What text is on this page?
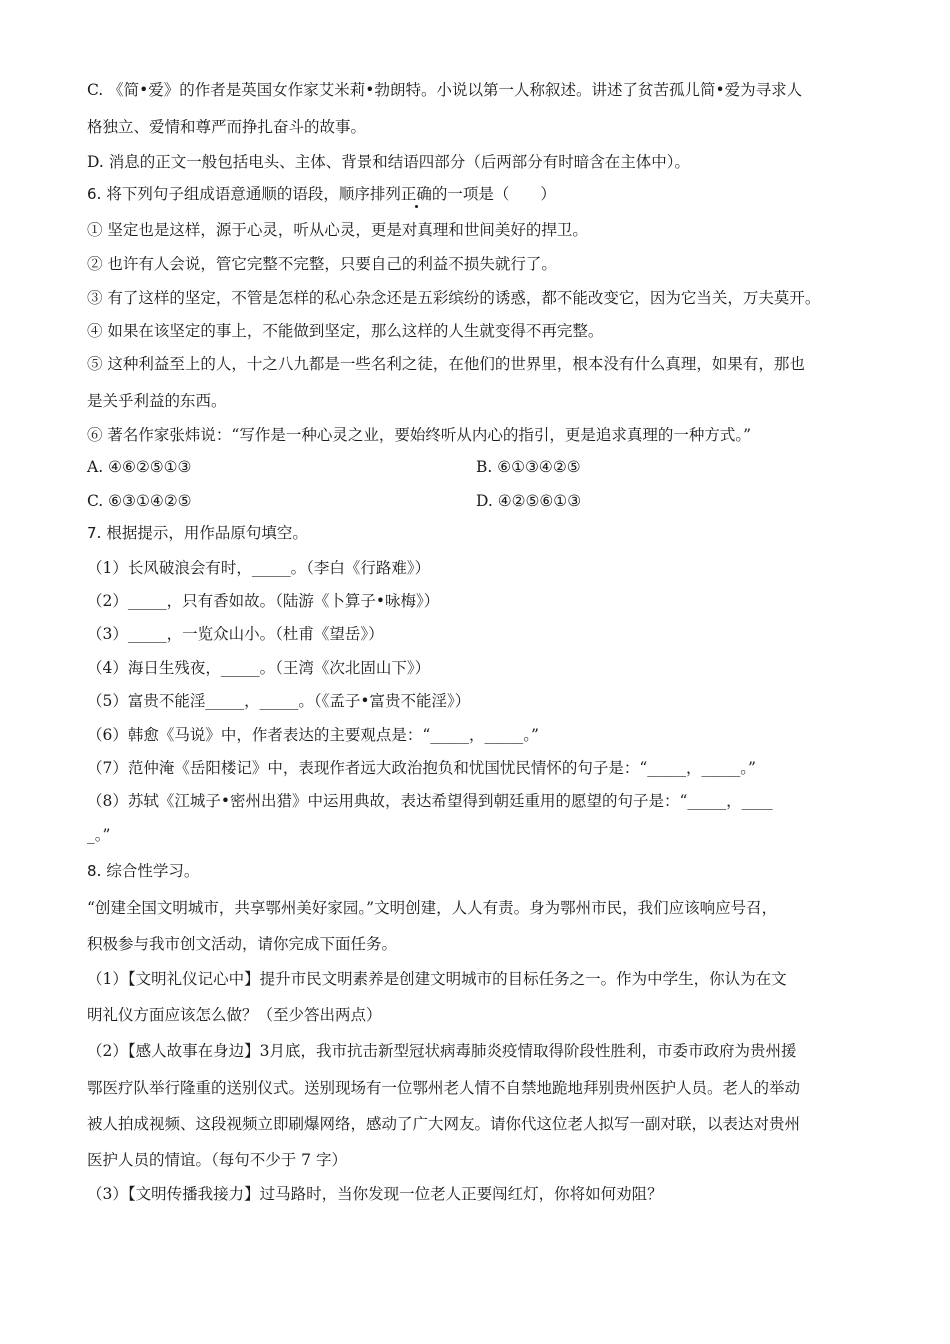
C. 《简•爱》的作者是英国女作家艾米莉•勃朗特。小说以第一人称叙述。讲述了贫苦孤儿简•爱为寻求人
格独立、爱情和尊严而挣扎奋斗的故事。
D. 消息的正文一般包括电头、主体、背景和结语四部分（后两部分有时暗含在主体中）。
6. 将下列句子组成语意通顺的语段，顺序排列正确的一项是（　　）
① 坚定也是这样，源于心灵，听从心灵，更是对真理和世间美好的捍卫。
② 也许有人会说，管它完整不完整，只要自己的利益不损失就行了。
③ 有了这样的坚定，不管是怎样的私心杂念还是五彩缤纷的诱惑，都不能改变它，因为它当关，万夫莫开。
④ 如果在该坚定的事上，不能做到坚定，那么这样的人生就变得不再完整。
⑤ 这种利益至上的人，十之八九都是一些名利之徒，在他们的世界里，根本没有什么真理，如果有，那也
是关乎利益的东西。
⑥ 著名作家张炜说：“写作是一种心灵之业，要始终听从内心的指引，更是追求真理的一种方式。”
A. ④⑥②⑤①③	B. ⑥①③④②⑤
C. ⑥③①④②⑤	D. ④②⑤⑥①③
7. 根据提示，用作品原句填空。
（1）长风破浪会有时，_____。（李白《行路难》）
（2）_____，只有香如故。（陆游《卜算子•咏梅》）
（3）_____，一览众山小。（杜甫《望岳》）
（4）海日生残夜，_____。（王湾《次北固山下》）
（5）富贵不能淫_____，_____。（《孟子•富贵不能淫》）
（6）韩愈《马说》中，作者表达的主要观点是：“_____，_____。”
（7）范仲淹《岳阳楼记》中，表现作者远大政治抱负和忧国忧民情怀的句子是：“_____，_____。”
（8）苏轼《江城子•密州出猎》中运用典故，表达希望得到朝廷重用的愿望的句子是：“_____，____
_。”
8. 综合性学习。
“创建全国文明城市，共享鄂州美好家园。”文明创建，人人有责。身为鄂州市民，我们应该响应号召，
积极参与我市创文活动，请你完成下面任务。
（1）【文明礼仪记心中】提升市民文明素养是创建文明城市的目标任务之一。作为中学生，你认为在文
明礼仪方面应该怎么做？（至少答出两点）
（2）【感人故事在身边】3月底，我市抗击新型冠状病毒肺炎疫情取得阶段性胜利，市委市政府为贵州援
鄂医疗队举行隆重的送别仪式。送别现场有一位鄂州老人情不自禁地跪地拜别贵州医护人员。老人的举动
被人拍成视频、这段视频立即刷爆网络，感动了广大网友。请你代这位老人拟写一副对联，以表达对贵州
医护人员的情谊。（每句不少于 7 字）
（3）【文明传播我接力】过马路时，当你发现一位老人正要闯红灯，你将如何劝阻？
